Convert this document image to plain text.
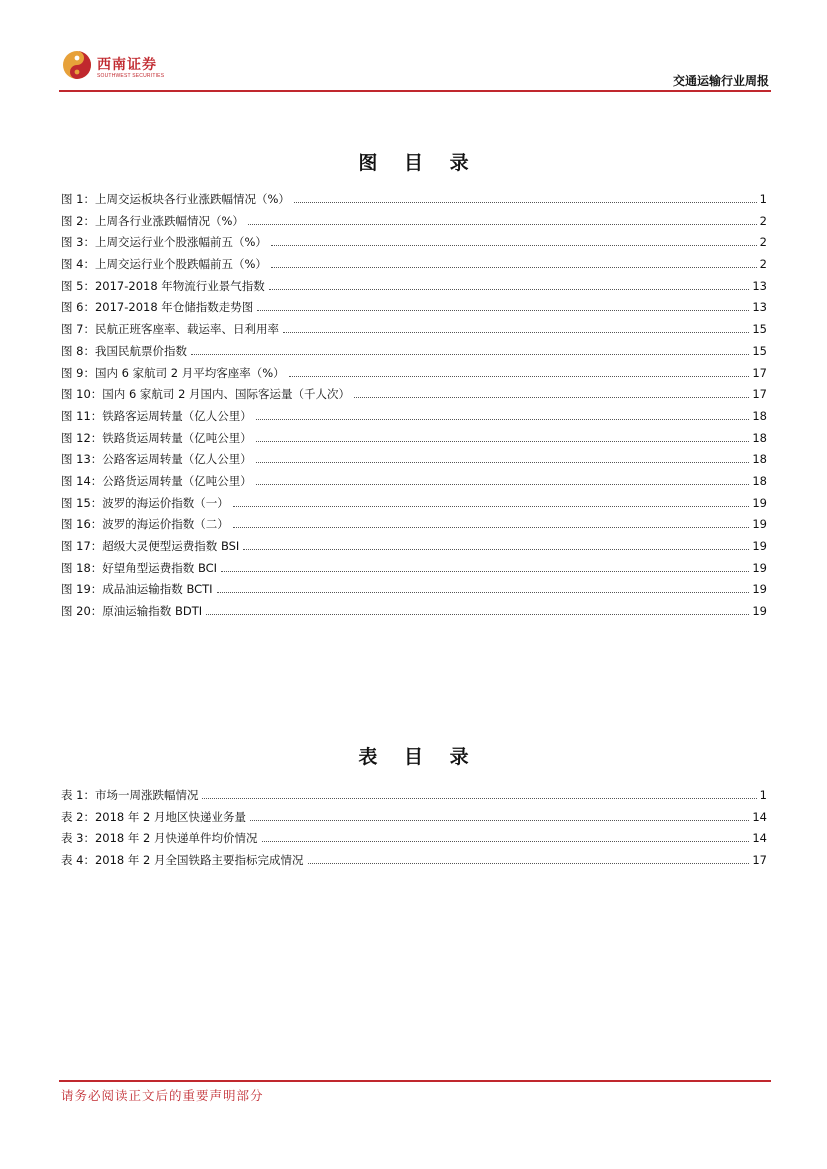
西南证券
SOUTHWEST SECURITIES	交通运输行业周报
图 目 录
图 1：上周交运板块各行业涨跌幅情况（%）	1
图 2：上周各行业涨跌幅情况（%）	2
图 3：上周交运行业个股涨幅前五（%）	2
图 4：上周交运行业个股跌幅前五（%）	2
图 5：2017-2018 年物流行业景气指数	13
图 6：2017-2018 年仓储指数走势图	13
图 7：民航正班客座率、载运率、日利用率	15
图 8：我国民航票价指数	15
图 9：国内 6 家航司 2 月平均客座率（%）	17
图 10：国内 6 家航司 2 月国内、国际客运量（千人次）	17
图 11：铁路客运周转量（亿人公里）	18
图 12：铁路货运周转量（亿吨公里）	18
图 13：公路客运周转量（亿人公里）	18
图 14：公路货运周转量（亿吨公里）	18
图 15：波罗的海运价指数（一）	19
图 16：波罗的海运价指数（二）	19
图 17：超级大灵便型运费指数 BSI	19
图 18：好望角型运费指数 BCI	19
图 19：成品油运输指数 BCTI	19
图 20：原油运输指数 BDTI	19
表 目 录
表 1：市场一周涨跌幅情况	1
表 2：2018 年 2 月地区快递业务量	14
表 3：2018 年 2 月快递单件均价情况	14
表 4：2018 年 2 月全国铁路主要指标完成情况	17
请务必阅读正文后的重要声明部分
